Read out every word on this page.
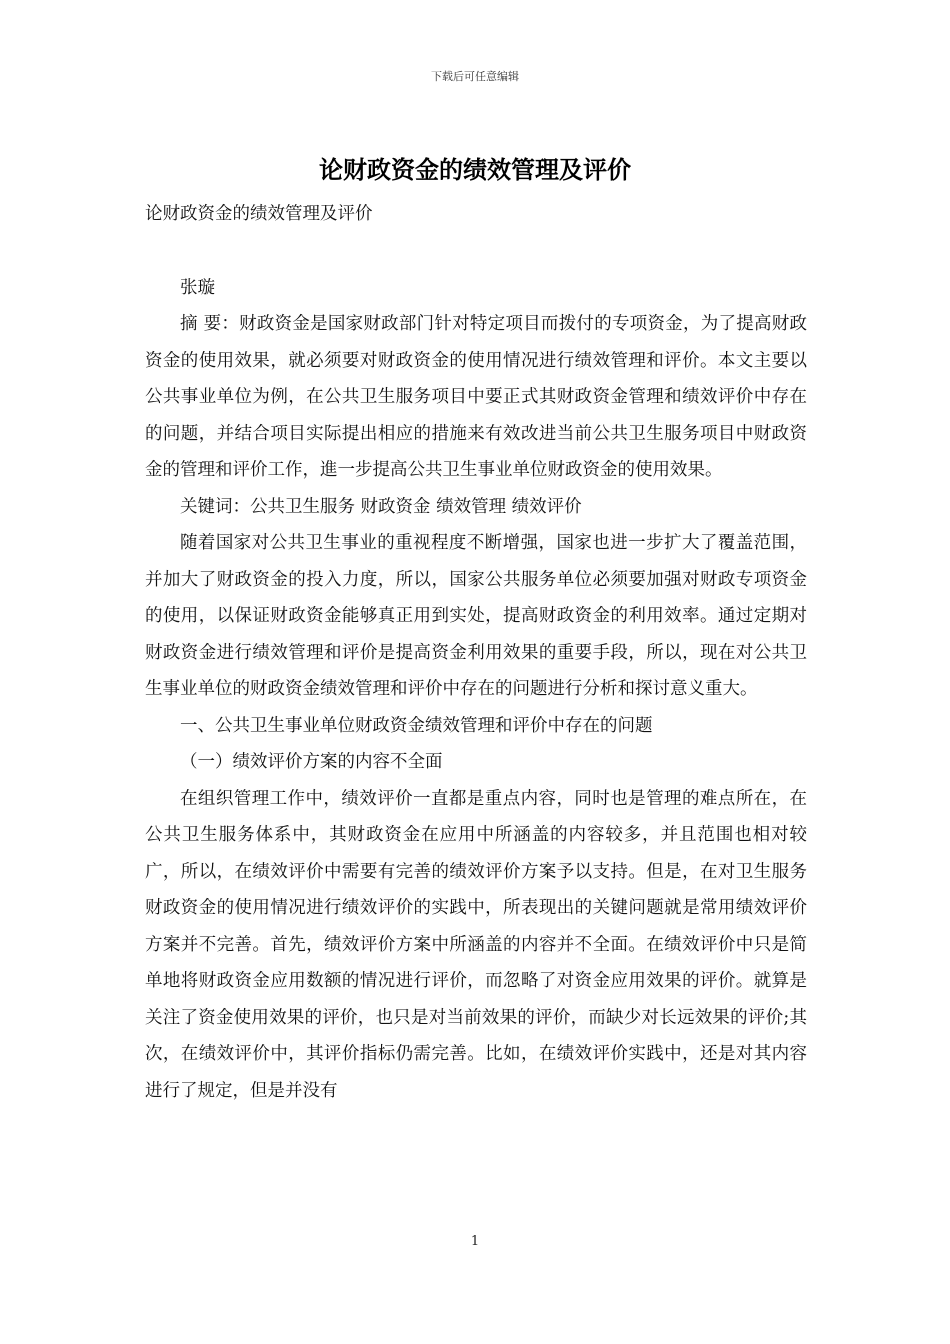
下载后可任意编辑
论财政资金的绩效管理及评价

论财政资金的绩效管理及评价

张璇

摘 要：财政资金是国家财政部门针对特定项目而拨付的专项资金，为了提高财政资金的使用效果，就必须要对财政资金的使用情况进行绩效管理和评价。本文主要以公共事业单位为例，在公共卫生服务项目中要正式其财政资金管理和绩效评价中存在的问题，并结合项目实际提出相应的措施来有效改进当前公共卫生服务项目中财政资金的管理和评价工作，進一步提高公共卫生事业单位财政资金的使用效果。

关键词：公共卫生服务 财政资金 绩效管理 绩效评价

随着国家对公共卫生事业的重视程度不断增强，国家也进一步扩大了覆盖范围，并加大了财政资金的投入力度，所以，国家公共服务单位必须要加强对财政专项资金的使用，以保证财政资金能够真正用到实处，提高财政资金的利用效率。通过定期对财政资金进行绩效管理和评价是提高资金利用效果的重要手段，所以，现在对公共卫生事业单位的财政资金绩效管理和评价中存在的问题进行分析和探讨意义重大。

一、公共卫生事业单位财政资金绩效管理和评价中存在的问题

（一）绩效评价方案的内容不全面

在组织管理工作中，绩效评价一直都是重点内容，同时也是管理的难点所在，在公共卫生服务体系中，其财政资金在应用中所涵盖的内容较多，并且范围也相对较广，所以，在绩效评价中需要有完善的绩效评价方案予以支持。但是，在对卫生服务财政资金的使用情况进行绩效评价的实践中，所表现出的关键问题就是常用绩效评价方案并不完善。首先，绩效评价方案中所涵盖的内容并不全面。在绩效评价中只是简单地将财政资金应用数额的情况进行评价，而忽略了对资金应用效果的评价。就算是关注了资金使用效果的评价，也只是对当前效果的评价，而缺少对长远效果的评价;其次，在绩效评价中，其评价指标仍需完善。比如，在绩效评价实践中，还是对其内容进行了规定，但是并没有

1
